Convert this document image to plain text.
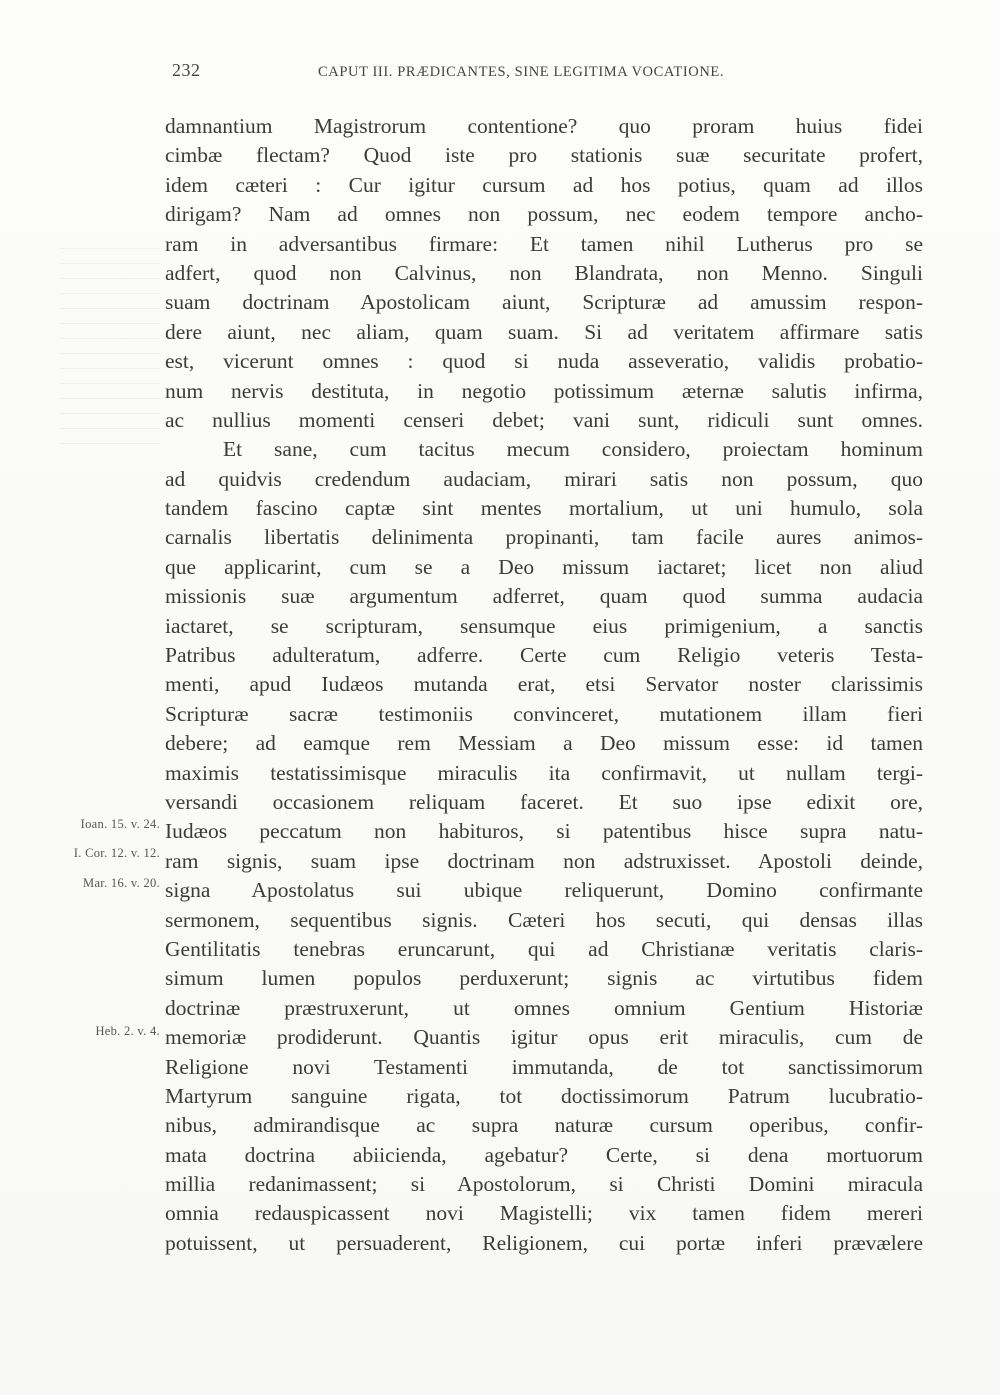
232	CAPUT III. PRÆDICANTES, SINE LEGITIMA VOCATIONE.
damnantium Magistrorum contentione? quo proram huius fidei
cimbæ flectam? Quod iste pro stationis suæ securitate profert,
idem cæteri : Cur igitur cursum ad hos potius, quam ad illos
dirigam? Nam ad omnes non possum, nec eodem tempore ancho-
ram in adversantibus firmare: Et tamen nihil Lutherus pro se
adfert, quod non Calvinus, non Blandrata, non Menno. Singuli
suam doctrinam Apostolicam aiunt, Scripturæ ad amussim respon-
dere aiunt, nec aliam, quam suam. Si ad veritatem affirmare satis
est, vicerunt omnes : quod si nuda asseveratio, validis probatio-
num nervis destituta, in negotio potissimum æternæ salutis infirma,
ac nullius momenti censeri debet; vani sunt, ridiculi sunt omnes.
Et sane, cum tacitus mecum considero, proiectam hominum
ad quidvis credendum audaciam, mirari satis non possum, quo
tandem fascino captæ sint mentes mortalium, ut uni humulo, sola
carnalis libertatis delinimenta propinanti, tam facile aures animos-
que applicarint, cum se a Deo missum iactaret; licet non aliud
missionis suæ argumentum adferret, quam quod summa audacia
iactaret, se scripturam, sensumque eius primigenium, a sanctis
Patribus adulteratum, adferre. Certe cum Religio veteris Testa-
menti, apud Iudæos mutanda erat, etsi Servator noster clarissimis
Scripturæ sacræ testimoniis convinceret, mutationem illam fieri
debere; ad eamque rem Messiam a Deo missum esse: id tamen
maximis testatissimisque miraculis ita confirmavit, ut nullam tergi-
versandi occasionem reliquam faceret. Et suo ipse edixit ore,
Iudæos peccatum non habituros, si patentibus hisce supra natu-
ram signis, suam ipse doctrinam non adstruxisset. Apostoli deinde,
signa Apostolatus sui ubique reliquerunt, Domino confirmante
sermonem, sequentibus signis. Cæteri hos secuti, qui densas illas
Gentilitatis tenebras eruncarunt, qui ad Christianæ veritatis claris-
simum lumen populos perduxerunt; signis ac virtutibus fidem
doctrinæ præstruxerunt, ut omnes omnium Gentium Historiæ
memoriæ prodiderunt. Quantis igitur opus erit miraculis, cum de
Religione novi Testamenti immutanda, de tot sanctissimorum
Martyrum sanguine rigata, tot doctissimorum Patrum lucubratio-
nibus, admirandisque ac supra naturæ cursum operibus, confir-
mata doctrina abiicienda, agebatur? Certe, si dena mortuorum
millia redanimassent; si Apostolorum, si Christi Domini miracula
omnia redauspicassent novi Magistelli; vix tamen fidem mereri
potuissent, ut persuaderent, Religionem, cui portæ inferi prævælere
Ioan. 15. v. 24.
I. Cor. 12. v. 12.
Mar. 16. v. 20.
Heb. 2. v. 4.
